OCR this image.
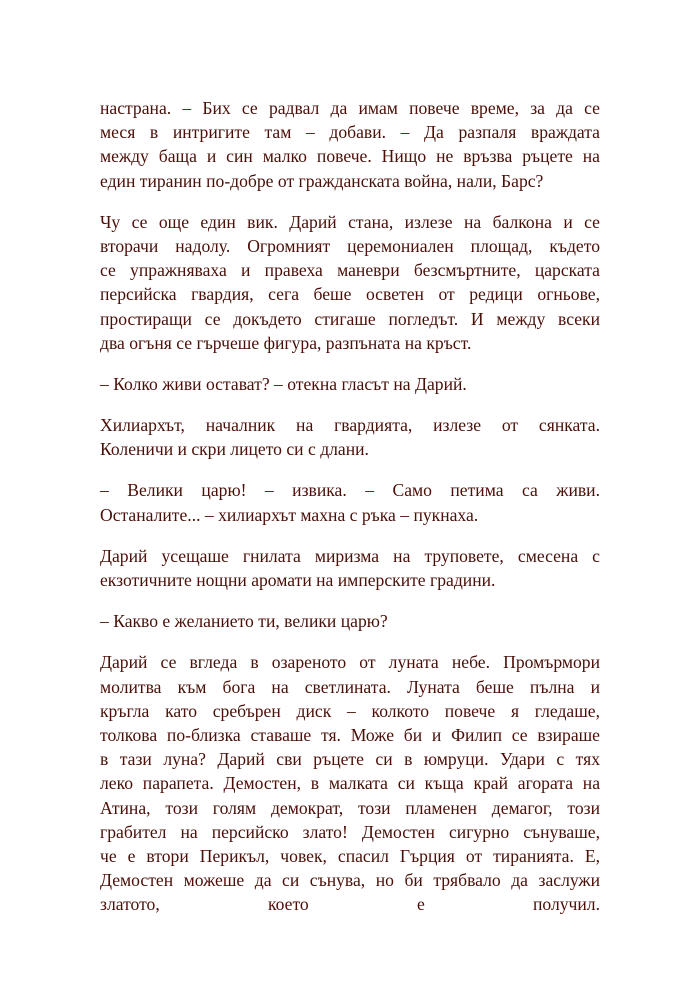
настрана. – Бих се радвал да имам повече време, за да се
меся в интригите там – добави. – Да разпаля враждата
между баща и син малко повече. Нищо не връзва ръцете на
един тиранин по-добре от гражданската война, нали, Барс?

Чу се още един вик. Дарий стана, излезе на балкона и се
вторачи надолу. Огромният церемониален площад, където
се упражняваха и правеха маневри безсмъртните, царската
персийска гвардия, сега беше осветен от редици огньове,
простиращи се докъдето стигаше погледът. И между всеки
два огъня се гърчеше фигура, разпъната на кръст.

– Колко живи остават? – отекна гласът на Дарий.

Хилиархът, началник на гвардията, излезе от сянката.
Коленичи и скри лицето си с длани.

– Велики царю! – извика. – Само петима са живи.
Останалите... – хилиархът махна с ръка – пукнаха.

Дарий усещаше гнилата миризма на труповете, смесена с
екзотичните нощни аромати на имперските градини.

– Какво е желанието ти, велики царю?

Дарий се вгледа в озареното от луната небе. Промърмори
молитва към бога на светлината. Луната беше пълна и
кръгла като сребърен диск – колкото повече я гледаше,
толкова по-близка ставаше тя. Може би и Филип се взираше
в тази луна? Дарий сви ръцете си в юмруци. Удари с тях
леко парапета. Демостен, в малката си къща край агората на
Атина, този голям демократ, този пламенен демагог, този
грабител на персийско злато! Демостен сигурно сънуваше,
че е втори Перикъл, човек, спасил Гърция от тиранията. Е,
Демостен можеше да си сънува, но би трябвало да заслужи
златото, което е получил.
